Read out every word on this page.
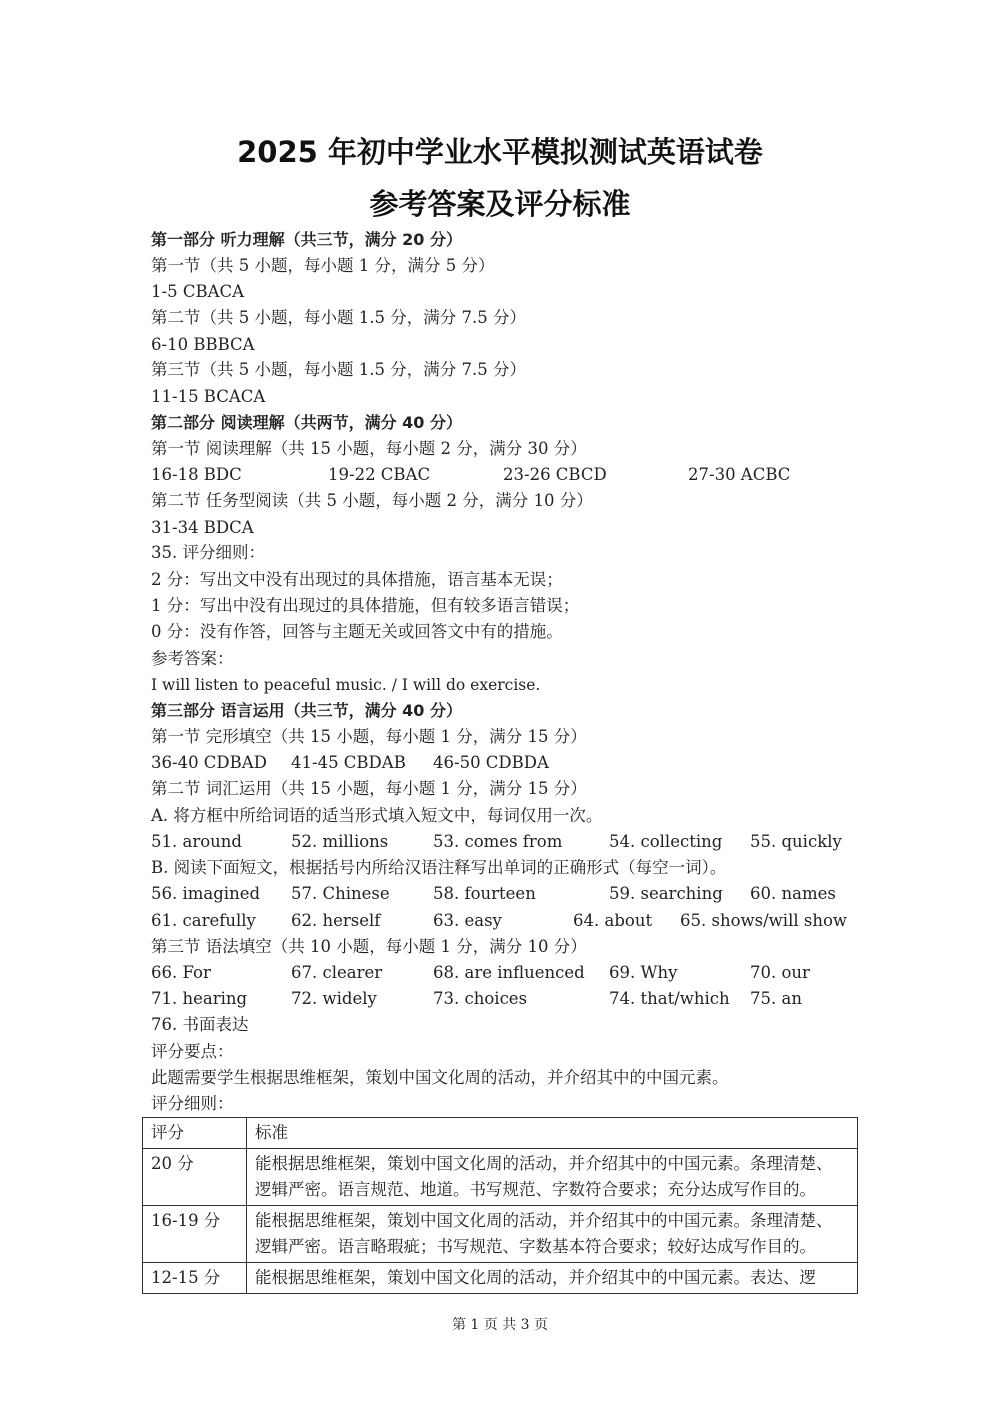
2025 年初中学业水平模拟测试英语试卷
参考答案及评分标准
第一部分 听力理解（共三节，满分 20 分）
第一节（共 5 小题，每小题 1 分，满分 5 分）
1-5 CBACA
第二节（共 5 小题，每小题 1.5 分，满分 7.5 分）
6-10 BBBCA
第三节（共 5 小题，每小题 1.5 分，满分 7.5 分）
11-15 BCACA
第二部分 阅读理解（共两节，满分 40 分）
第一节 阅读理解（共 15 小题，每小题 2 分，满分 30 分）
16-18 BDC	19-22 CBAC	23-26 CBCD	27-30 ACBC
第二节 任务型阅读（共 5 小题，每小题 2 分，满分 10 分）
31-34 BDCA
35. 评分细则：
2 分：写出文中没有出现过的具体措施，语言基本无误；
1 分：写出中没有出现过的具体措施，但有较多语言错误；
0 分：没有作答，回答与主题无关或回答文中有的措施。
参考答案：
I will listen to peaceful music. / I will do exercise.
第三部分 语言运用（共三节，满分 40 分）
第一节 完形填空（共 15 小题，每小题 1 分，满分 15 分）
36-40 CDBAD 41-45 CBDAB 46-50 CDBDA
第二节 词汇运用（共 15 小题，每小题 1 分，满分 15 分）
A. 将方框中所给词语的适当形式填入短文中，每词仅用一次。
51. around	52. millions	53. comes from	54. collecting 55. quickly
B. 阅读下面短文，根据括号内所给汉语注释写出单词的正确形式（每空一词）。
56. imagined 57. Chinese	58. fourteen	59. searching 60. names
61. carefully 62. herself	63. easy	64. about 65. shows/will show
第三节 语法填空（共 10 小题，每小题 1 分，满分 10 分）
66. For	67. clearer	68. are influenced 69. Why	70. our
71. hearing	72. widely	73. choices	74. that/which 75. an
76. 书面表达
评分要点：
此题需要学生根据思维框架，策划中国文化周的活动，并介绍其中的中国元素。
评分细则：
评分	标准
20 分	能根据思维框架，策划中国文化周的活动，并介绍其中的中国元素。条理清楚、
逻辑严密。语言规范、地道。书写规范、字数符合要求；充分达成写作目的。

16-19 分	能根据思维框架，策划中国文化周的活动，并介绍其中的中国元素。条理清楚、
逻辑严密。语言略瑕疵；书写规范、字数基本符合要求；较好达成写作目的。

12-15 分	能根据思维框架，策划中国文化周的活动，并介绍其中的中国元素。表达、逻
第 1 页 共 3 页
